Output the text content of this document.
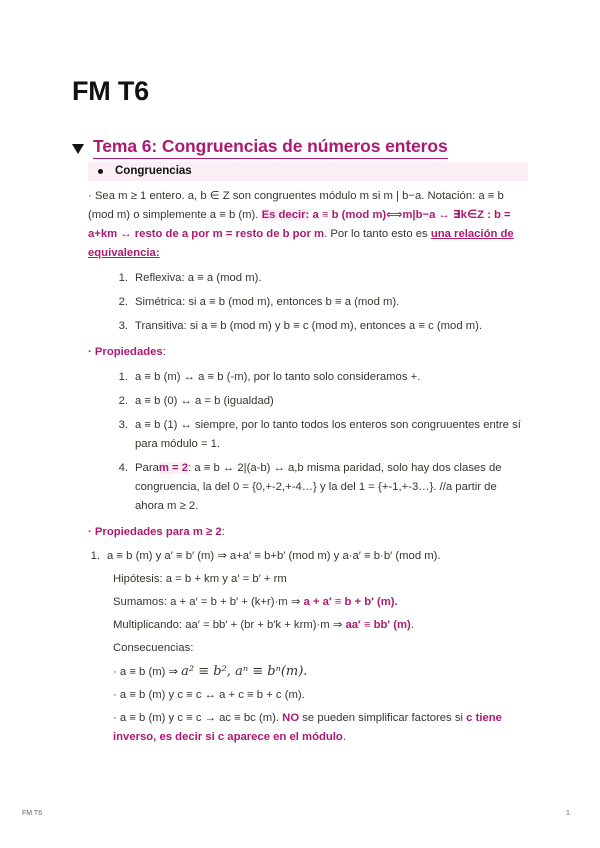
FM T6
Tema 6: Congruencias de números enteros
Congruencias
· Sea m ≥ 1 entero. a, b ∈ Z son congruentes módulo m si m | b−a. Notación: a ≡ b (mod m) o simplemente a ≡ b (m). Es decir: a ≡ b (mod m)⟺m|b−a ↔ ∃k∈Z : b = a+km ↔ resto de a por m = resto de b por m. Por lo tanto esto es una relación de equivalencia:
1. Reflexiva: a ≡ a (mod m).
2. Simétrica: si a ≡ b (mod m), entonces b ≡ a (mod m).
3. Transitiva: si a ≡ b (mod m) y b ≡ c (mod m), entonces a ≡ c (mod m).
· Propiedades:
1. a ≡ b (m) ↔ a ≡ b (-m), por lo tanto solo consideramos +.
2. a ≡ b (0) ↔ a = b (igualdad)
3. a ≡ b (1) ↔ siempre, por lo tanto todos los enteros son congruuentes entre sí para módulo = 1.
4. Param = 2: a ≡ b ↔ 2|(a-b) ↔ a,b misma paridad, solo hay dos clases de congruencia, la del 0 = {0,+-2,+-4…} y la del 1 = {+-1,+-3…}. //a partir de ahora m ≥ 2.
· Propiedades para m ≥ 2:
1. a ≡ b (m) y a′ ≡ b′ (m) ⇒ a+a′ ≡ b+b′ (mod m) y a·a′ ≡ b·b′ (mod m).
Hipótesis: a = b + km y a′ = b′ + rm
Sumamos: a + a′ = b + b′ + (k+r)·m ⇒ a + a′ ≡ b + b′ (m).
Multiplicando: aa′ = bb′ + (br + b′k + krm)·m ⇒ aa′ ≡ bb′ (m).
Consecuencias:
· a ≡ b (m) ⇒ a² ≡ b², aⁿ ≡ bⁿ(m).
· a ≡ b (m) y c ≡ c ↔ a + c ≡ b + c (m).
· a ≡ b (m) y c ≡ c → ac ≡ bc (m). NO se pueden simplificar factores si c tiene inverso, es decir si c aparece en el módulo.
FM T6	1
